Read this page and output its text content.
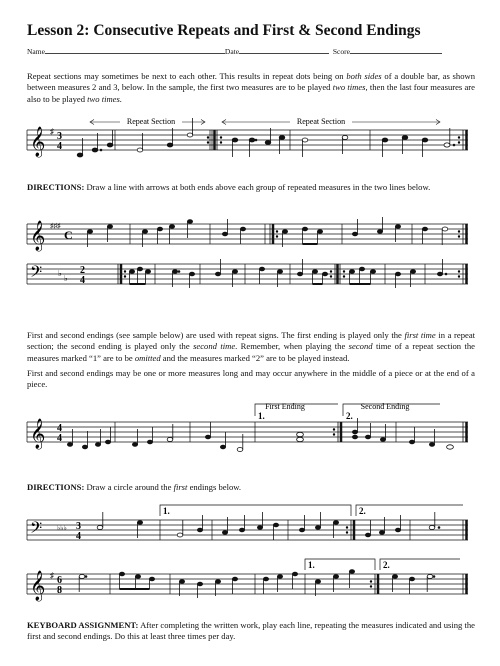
Lesson 2: Consecutive Repeats and First & Second Endings
Name	Date	Score
Repeat sections may sometimes be next to each other. This results in repeat dots being on both sides of a double bar, as shown between measures 2 and 3, below. In the sample, the first two measures are to be played two times, then the last four measures are also to be played two times.
𝄞 ♯ 3
4
Repeat Section	Repeat Section
DIRECTIONS: Draw a line with arrows at both ends above each group of repeated measures in the two lines below.
𝄞 ♯♯♯
C
𝄢 ♭
♭
2
4
First and second endings (see sample below) are used with repeat signs. The first ending is played only the first time in a repeat section; the second ending is played only the second time. Remember, when playing the second time of a repeat section the measures marked “1” are to be omitted and the measures marked “2” are to be played instead.
First and second endings may be one or more measures long and may occur anywhere in the middle of a piece or at the end of a piece.
𝄞 4
4
First Ending	Second Ending
1.	2.
DIRECTIONS: Draw a circle around the first endings below.
1.	2.
𝄢 ♭♭♭ 3
4
1.	2.
𝄞 ♯ 6
8
KEYBOARD ASSIGNMENT: After completing the written work, play each line, repeating the measures indicated and using the first and second endings. Do this at least three times per day.
